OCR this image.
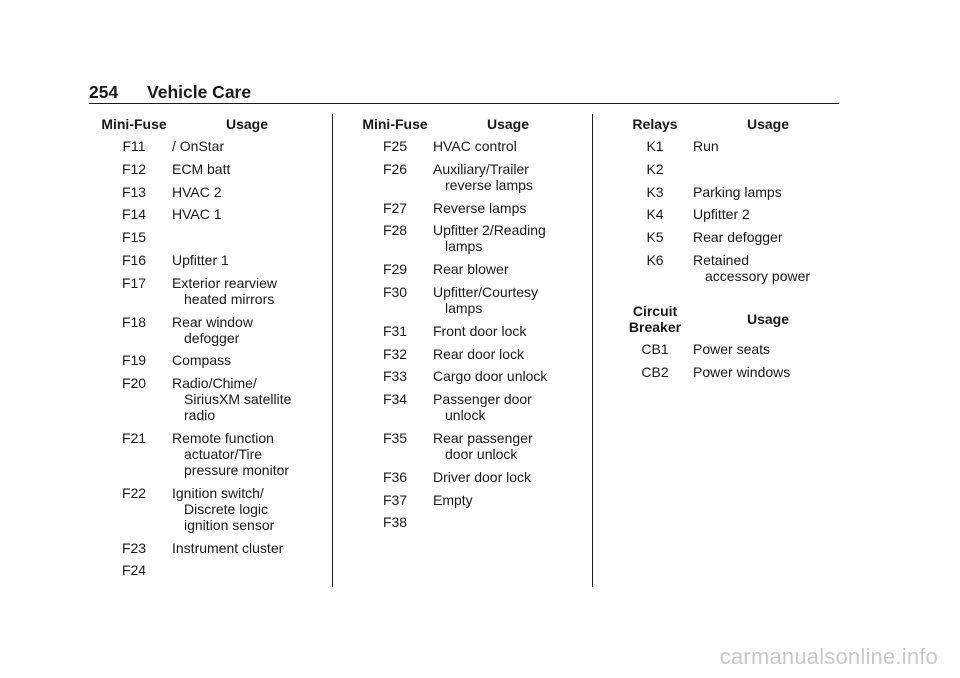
254 Vehicle Care
Mini-Fuse	Usage
F11	/ OnStar
F12	ECM batt
F13	HVAC 2
F14	HVAC 1
F15

F16	Upfitter 1
F17	Exterior rearview
heated mirrors
F18	Rear window
defogger
F19	Compass
F20	Radio/Chime/
SiriusXM satellite
radio
F21	Remote function
actuator/Tire
pressure monitor
F22	Ignition switch/
Discrete logic
ignition sensor
F23	Instrument cluster
F24

Mini-Fuse	Usage
F25	HVAC control
F26	Auxiliary/Trailer
reverse lamps
F27	Reverse lamps
F28	Upfitter 2/Reading
lamps
F29	Rear blower
F30	Upfitter/Courtesy
lamps
F31	Front door lock
F32	Rear door lock
F33	Cargo door unlock
F34	Passenger door
unlock
F35	Rear passenger
door unlock
F36	Driver door lock
F37	Empty
F38

Relays	Usage
K1	Run
K2

K3	Parking lamps
K4	Upfitter 2
K5	Rear defogger
K6	Retained
accessory power
Circuit
Breaker	Usage
CB1	Power seats
CB2	Power windows
carmanualsonline.info
